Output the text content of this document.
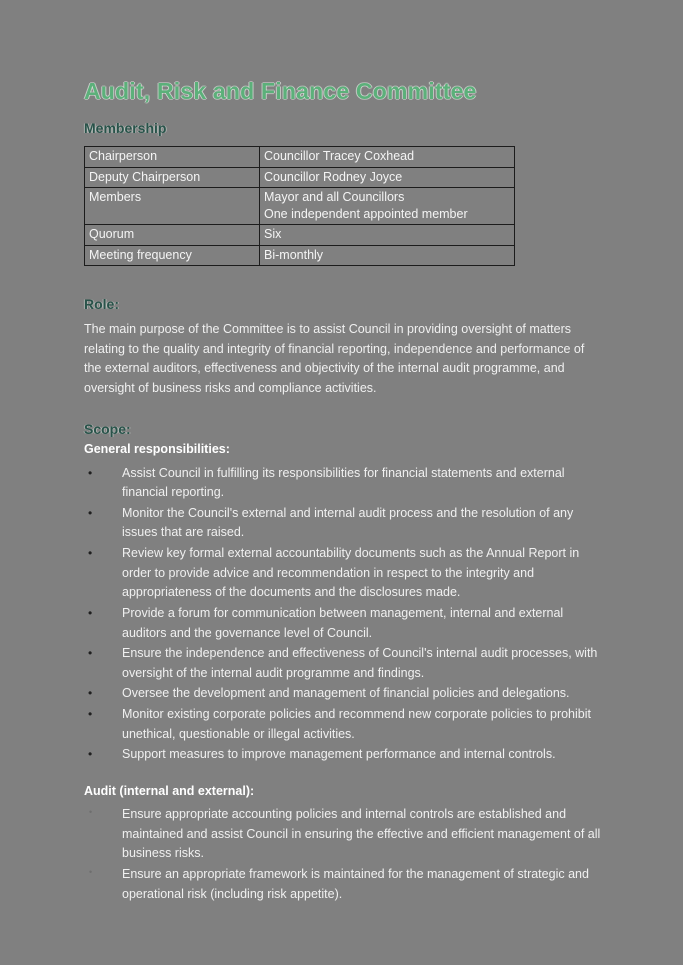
Audit, Risk and Finance Committee
Membership
Chairperson	Councillor Tracey Coxhead

Deputy Chairperson	Councillor Rodney Joyce

Members	Mayor and all Councillors
One independent appointed member

Quorum	Six

Meeting frequency	Bi-monthly
Role:

The main purpose of the Committee is to assist Council in providing oversight of matters relating to the quality and integrity of financial reporting, independence and performance of the external auditors, effectiveness and objectivity of the internal audit programme, and oversight of business risks and compliance activities.

Scope:
General responsibilities:
• Assist Council in fulfilling its responsibilities for financial statements and external financial reporting.
• Monitor the Council's external and internal audit process and the resolution of any issues that are raised.
• Review key formal external accountability documents such as the Annual Report in order to provide advice and recommendation in respect to the integrity and appropriateness of the documents and the disclosures made.
• Provide a forum for communication between management, internal and external auditors and the governance level of Council.
• Ensure the independence and effectiveness of Council's internal audit processes, with oversight of the internal audit programme and findings.
• Oversee the development and management of financial policies and delegations.
• Monitor existing corporate policies and recommend new corporate policies to prohibit unethical, questionable or illegal activities.
• Support measures to improve management performance and internal controls.
Audit (internal and external):
• Ensure appropriate accounting policies and internal controls are established and maintained and assist Council in ensuring the effective and efficient management of all business risks.
• Ensure an appropriate framework is maintained for the management of strategic and operational risk (including risk appetite).
